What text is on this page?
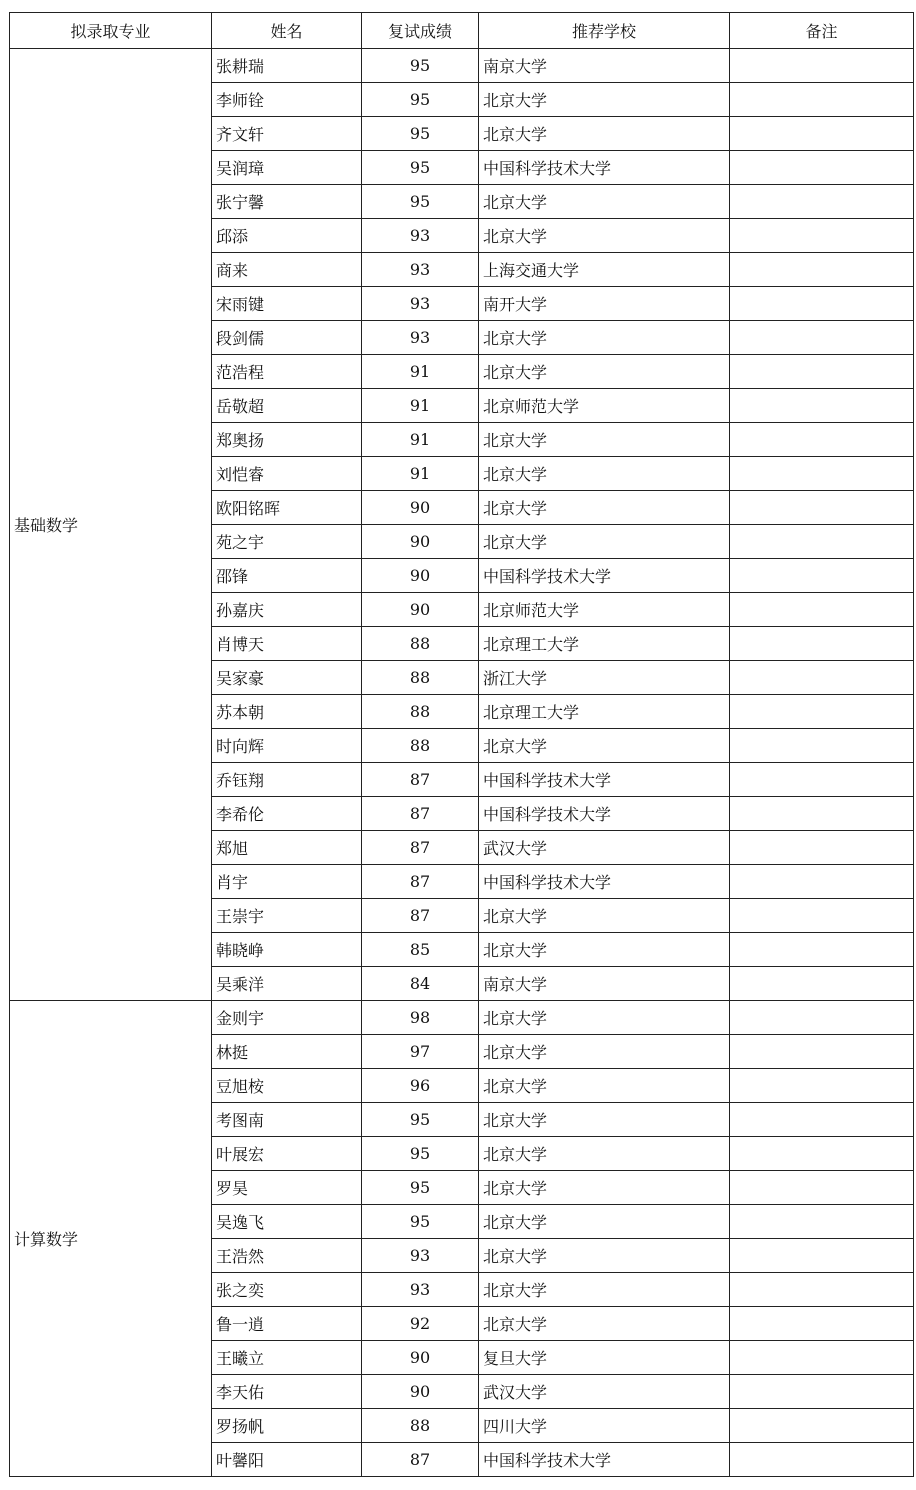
拟录取专业	姓名	复试成绩	推荐学校	备注
基础数学	张耕瑞	95	南京大学	
	李师铨	95	北京大学	
	齐文轩	95	北京大学	
	吴润璋	95	中国科学技术大学	
	张宁馨	95	北京大学	
	邱添	93	北京大学	
	商来	93	上海交通大学	
	宋雨键	93	南开大学	
	段剑儒	93	北京大学	
	范浩程	91	北京大学	
	岳敬超	91	北京师范大学	
	郑奥扬	91	北京大学	
	刘恺睿	91	北京大学	
	欧阳铭晖	90	北京大学	
	苑之宇	90	北京大学	
	邵锋	90	中国科学技术大学	
	孙嘉庆	90	北京师范大学	
	肖博天	88	北京理工大学	
	吴家豪	88	浙江大学	
	苏本朝	88	北京理工大学	
	时向辉	88	北京大学	
	乔钰翔	87	中国科学技术大学	
	李希伦	87	中国科学技术大学	
	郑旭	87	武汉大学	
	肖宇	87	中国科学技术大学	
	王崇宇	87	北京大学	
	韩晓峥	85	北京大学	
	吴乘洋	84	南京大学	
计算数学	金则宇	98	北京大学	
	林挺	97	北京大学	
	豆旭桉	96	北京大学	
	考图南	95	北京大学	
	叶展宏	95	北京大学	
	罗昊	95	北京大学	
	吴逸飞	95	北京大学	
	王浩然	93	北京大学	
	张之奕	93	北京大学	
	鲁一逍	92	北京大学	
	王曦立	90	复旦大学	
	李天佑	90	武汉大学	
	罗扬帆	88	四川大学	
	叶馨阳	87	中国科学技术大学	
